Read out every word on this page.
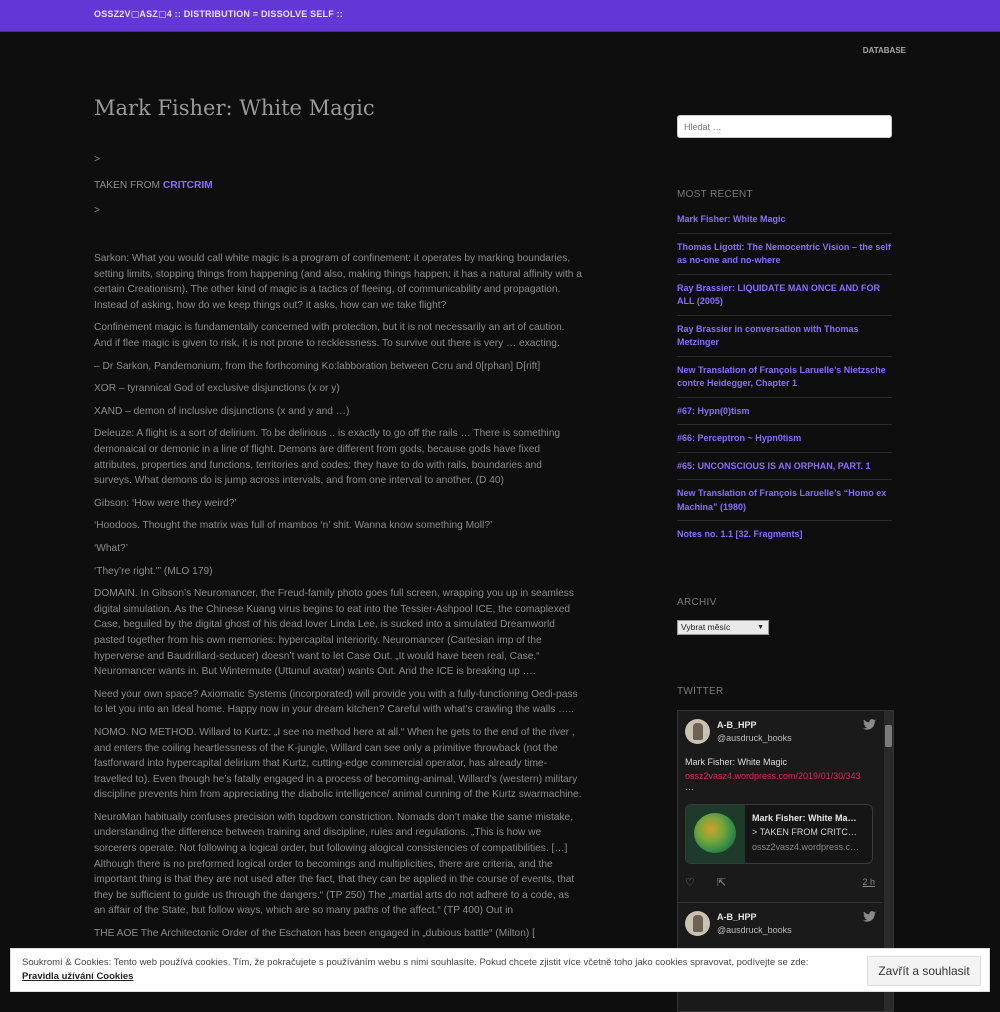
OSSZ2V▢ASZ▢4 :: DISTRIBUTION = DISSOLVE SELF ::
DATABASE
Mark Fisher: White Magic

>

TAKEN FROM CRITCRIM

>

Sarkon: What you would call white magic is a program of confinement: it operates by marking boundaries, setting limits, stopping things from happening (and also, making things happen; it has a natural affinity with a certain Creationism). The other kind of magic is a tactics of fleeing, of communicability and propagation. Instead of asking, how do we keep things out? it asks, how can we take flight?

Confinement magic is fundamentally concerned with protection, but it is not necessarily an art of caution. And if flee magic is given to risk, it is not prone to recklessness. To survive out there is very … exacting.

– Dr Sarkon, Pandemonium, from the forthcoming Ko:labboration between Ccru and 0[rphan] D[rift]

XOR – tyrannical God of exclusive disjunctions (x or y)

XAND – demon of inclusive disjunctions (x and y and …)

Deleuze: A flight is a sort of delirium. To be delirious .. is exactly to go off the rails … There is something demonaical or demonic in a line of flight. Demons are different from gods, because gods have fixed attributes, properties and functions, territories and codes: they have to do with rails, boundaries and surveys. What demons do is jump across intervals, and from one interval to another. (D 40)

Gibson: ‘How were they weird?’

‘Hoodoos. Thought the matrix was full of mambos ‘n’ shit. Wanna know something Moll?’

‘What?’

‘They’re right.'” (MLO 179)

DOMAIN. In Gibson’s Neuromancer, the Freud-family photo goes full screen, wrapping you up in seamless digital simulation. As the Chinese Kuang virus begins to eat into the Tessier-Ashpool ICE, the comaplexed Case, beguiled by the digital ghost of his dead lover Linda Lee, is sucked into a simulated Dreamworld pasted together from his own memories: hypercapital interiority. Neuromancer (Cartesian imp of the hyperverse and Baudrillard-seducer) doesn’t want to let Case Out. „It would have been real, Case.“ Neuromancer wants in. But Wintermute (Uttunul avatar) wants Out. And the ICE is breaking up ….

Need your own space? Axiomatic Systems (incorporated) will provide you with a fully-functioning Oedi-pass to let you into an Ideal home. Happy now in your dream kitchen? Careful with what’s crawling the walls …..

NOMO. NO METHOD. Willard to Kurtz: „I see no method here at all.“ When he gets to the end of the river , and enters the coiling heartlessness of the K-jungle, Willard can see only a primitive throwback (not the fastforward into hypercapital delirium that Kurtz, cutting-edge commercial operator, has already time-travelled to). Even though he’s fatally engaged in a process of becoming-animal, Willard’s (western) military discipline prevents him from appreciating the diabolic intelligence/ animal cunning of the Kurtz swarmachine.

NeuroMan habitually confuses precision with topdown constriction. Nomads don’t make the same mistake, understanding the difference between training and discipline, rules and regulations. „This is how we sorcerers operate. Not following a logical order, but following alogical consistencies of compatibilities. […] Although there is no preformed logical order to becomings and multiplicities, there are criteria, and the important thing is that they are not used after the fact, that they can be applied in the course of events, that they be sufficient to guide us through the dangers.“ (TP 250) The „martial arts do not adhere to a code, as an affair of the State, but follow ways, which are so many paths of the affect.“ (TP 400) Out in

THE AOE The Architectonic Order of the Eschaton has been engaged in „dubious battle“ (Milton) [

Hledat …
MOST RECENT
Mark Fisher: White Magic
Thomas Ligotti: The Nemocentric Vision – the self as no-one and no-where
Ray Brassier: LIQUIDATE MAN ONCE AND FOR ALL (2005)
Ray Brassier in conversation with Thomas Metzinger
New Translation of François Laruelle’s Nietzsche contre Heidegger, Chapter 1
#67: Hypn(0)tism
#66: Perceptron ~ Hypn0tism
#65: UNCONSCIOUS IS AN ORPHAN, PART. 1
New Translation of François Laruelle’s “Homo ex Machina” (1980)
Notes no. 1.1 [32. Fragments]
ARCHIV
Vybrat měsíc	▼
TWITTER
A-B_HPP
@ausdruck_books
Mark Fisher: White Magic
ossz2vasz4.wordpress.com/2019/01/30/343
…
Mark Fisher: White Ma…
> TAKEN FROM CRITC…
ossz2vasz4.wordpress.c…
♡ ⇱	2 h
A-B_HPP
@ausdruck_books
Soukromí & Cookies: Tento web používá cookies. Tím, že pokračujete s používáním webu s nimi souhlasíte. Pokud chcete zjistit více včetně toho jako cookies spravovat, podívejte se zde: Pravidla užívání Cookies	Zavřít a souhlasit
